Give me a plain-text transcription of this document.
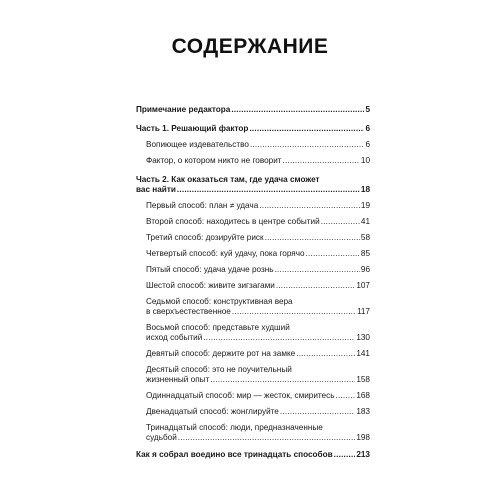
СОДЕРЖАНИЕ
Примечание редактора .....	5
Часть 1. Решающий фактор .....	6
Вопиющее издевательство .....	6
Фактор, о котором никто не говорит .....	10
Часть 2. Как оказаться там, где удача сможет
вас найти .....	18
Первый способ: план ≠ удача .....	19
Второй способ: находитесь в центре событий .....	41
Третий способ: дозируйте риск .....	58
Четвертый способ: куй удачу, пока горячо .....	85
Пятый способ: удача удаче рознь .....	96
Шестой способ: живите зигзагами .....	107
Седьмой способ: конструктивная вера
в сверхъестественное .....	117
Восьмой способ: представьте худший
исход событий .....	130
Девятый способ: держите рот на замке .....	141
Десятый способ: это не поучительный
жизненный опыт .....	158
Одиннадцатый способ: мир — жесток, смиритесь .....	168
Двенадцатый способ: жонглируйте .....	183
Тринадцатый способ: люди, предназначенные
судьбой .....	198
Как я собрал воедино все тринадцать способов .....	213
